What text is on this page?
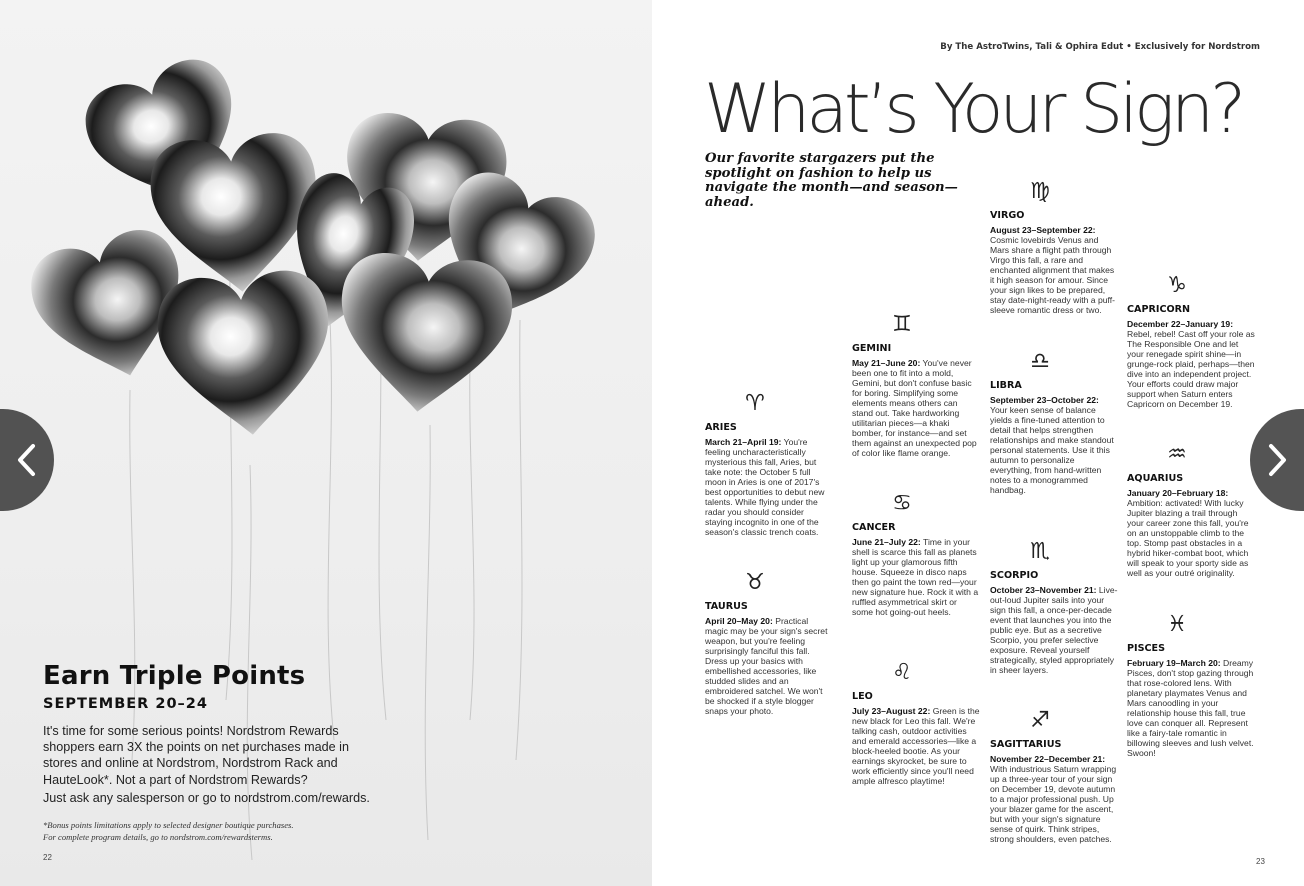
Earn Triple Points
SEPTEMBER 20–24
It's time for some serious points! Nordstrom Rewards shoppers earn 3X the points on net purchases made in stores and online at Nordstrom, Nordstrom Rack and HauteLook*. Not a part of Nordstrom Rewards?
Just ask any salesperson or go to nordstrom.com/rewards.
*Bonus points limitations apply to selected designer boutique purchases.
For complete program details, go to nordstrom.com/rewardsterms.
22
By The AstroTwins, Tali & Ophira Edut • Exclusively for Nordstrom
What’s Your Sign?
Our favorite stargazers put the spotlight on fashion to help us navigate the month—and season—ahead.
♈
ARIES
March 21–April 19: You're feeling uncharacteristically mysterious this fall, Aries, but take note: the October 5 full moon in Aries is one of 2017's best opportunities to debut new talents. While flying under the radar you should consider staying incognito in one of the season's classic trench coats.
♉
TAURUS
April 20–May 20: Practical magic may be your sign's secret weapon, but you're feeling surprisingly fanciful this fall. Dress up your basics with embellished accessories, like studded slides and an embroidered satchel. We won't be shocked if a style blogger snaps your photo.
♊
GEMINI
May 21–June 20: You've never been one to fit into a mold, Gemini, but don't confuse basic for boring. Simplifying some elements means others can stand out. Take hardworking utilitarian pieces—a khaki bomber, for instance—and set them against an unexpected pop of color like flame orange.
♋
CANCER
June 21–July 22: Time in your shell is scarce this fall as planets light up your glamorous fifth house. Squeeze in disco naps then go paint the town red—your new signature hue. Rock it with a ruffled asymmetrical skirt or some hot going-out heels.
♌
LEO
July 23–August 22: Green is the new black for Leo this fall. We're talking cash, outdoor activities and emerald accessories—like a block-heeled bootie. As your earnings skyrocket, be sure to work efficiently since you'll need ample alfresco playtime!
♍
VIRGO
August 23–September 22: Cosmic lovebirds Venus and Mars share a flight path through Virgo this fall, a rare and enchanted alignment that makes it high season for amour. Since your sign likes to be prepared, stay date-night-ready with a puff-sleeve romantic dress or two.
♎
LIBRA
September 23–October 22: Your keen sense of balance yields a fine-tuned attention to detail that helps strengthen relationships and make standout personal statements. Use it this autumn to personalize everything, from hand-written notes to a monogrammed handbag.
♏
SCORPIO
October 23–November 21: Live-out-loud Jupiter sails into your sign this fall, a once-per-decade event that launches you into the public eye. But as a secretive Scorpio, you prefer selective exposure. Reveal yourself strategically, styled appropriately in sheer layers.
♐
SAGITTARIUS
November 22–December 21: With industrious Saturn wrapping up a three-year tour of your sign on December 19, devote autumn to a major professional push. Up your blazer game for the ascent, but with your sign's signature sense of quirk. Think stripes, strong shoulders, even patches.
♑
CAPRICORN
December 22–January 19: Rebel, rebel! Cast off your role as The Responsible One and let your renegade spirit shine—in grunge-rock plaid, perhaps—then dive into an independent project. Your efforts could draw major support when Saturn enters Capricorn on December 19.
♒
AQUARIUS
January 20–February 18: Ambition: activated! With lucky Jupiter blazing a trail through your career zone this fall, you're on an unstoppable climb to the top. Stomp past obstacles in a hybrid hiker-combat boot, which will speak to your sporty side as well as your outré originality.
♓
PISCES
February 19–March 20: Dreamy Pisces, don't stop gazing through that rose-colored lens. With planetary playmates Venus and Mars canoodling in your relationship house this fall, true love can conquer all. Represent like a fairy-tale romantic in billowing sleeves and lush velvet. Swoon!
23
